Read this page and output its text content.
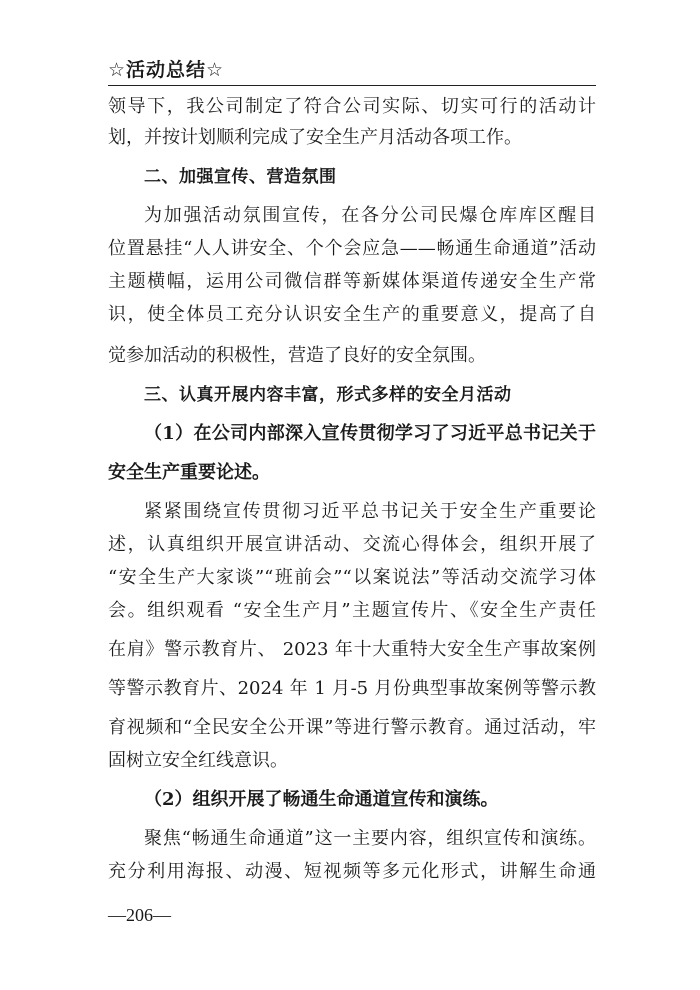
☆活动总结☆
领导下，我公司制定了符合公司实际、切实可行的活动计
划，并按计划顺利完成了安全生产月活动各项工作。
二、加强宣传、营造氛围
为加强活动氛围宣传，在各分公司民爆仓库库区醒目
位置悬挂“人人讲安全、个个会应急——畅通生命通道”活动
主题横幅，运用公司微信群等新媒体渠道传递安全生产常
识，使全体员工充分认识安全生产的重要意义，提高了自
觉参加活动的积极性，营造了良好的安全氛围。
三、认真开展内容丰富，形式多样的安全月活动
（1）在公司内部深入宣传贯彻学习了习近平总书记关于
安全生产重要论述。
紧紧围绕宣传贯彻习近平总书记关于安全生产重要论
述，认真组织开展宣讲活动、交流心得体会，组织开展了
“安全生产大家谈”“班前会”“以案说法”等活动交流学习体
会。组织观看 “安全生产月”主题宣传片、《安全生产责任
在肩》警示教育片、 2023 年十大重特大安全生产事故案例
等警示教育片、2024 年 1 月-5 月份典型事故案例等警示教
育视频和“全民安全公开课”等进行警示教育。通过活动，牢
固树立安全红线意识。
（2）组织开展了畅通生命通道宣传和演练。
聚焦“畅通生命通道”这一主要内容，组织宣传和演练。
充分利用海报、动漫、短视频等多元化形式，讲解生命通
—206—
